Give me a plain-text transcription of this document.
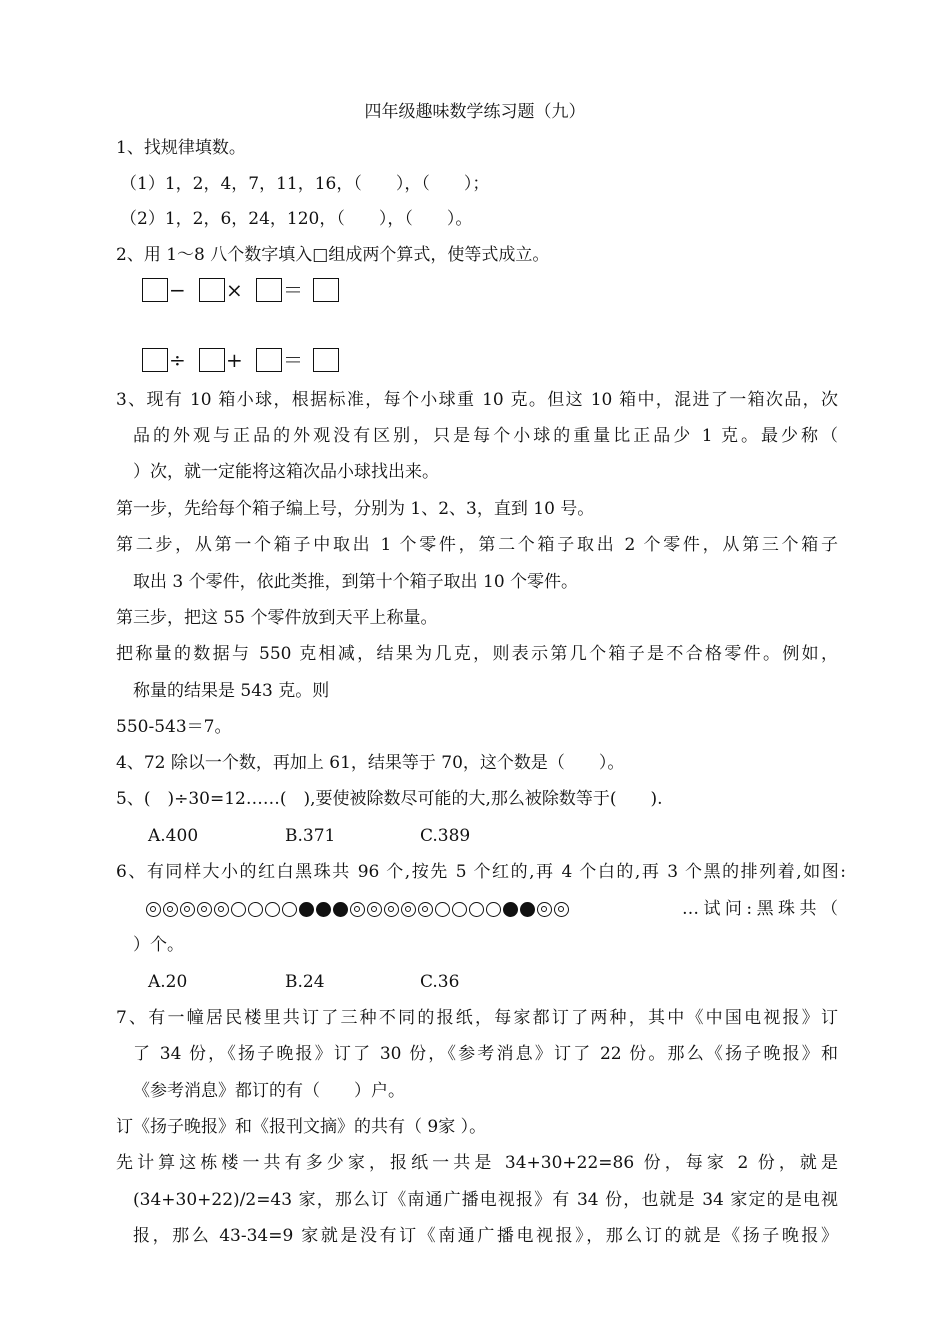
四年级趣味数学练习题（九）
1、找规律填数。
（1）1，2，4，7，11，16，（　　），（　　）；
（2）1，2，6，24，120，（　　），（　　）。
2、用 1～8 八个数字填入□组成两个算式，使等式成立。
−	×	＝
÷	+	＝
3、现有 10 箱小球，根据标准，每个小球重 10 克。但这 10 箱中，混进了一箱次品，次
品的外观与正品的外观没有区别，只是每个小球的重量比正品少 1 克。最少称（
）次，就一定能将这箱次品小球找出来。
第一步，先给每个箱子编上号，分别为 1、2、3，直到 10 号。
第二步，从第一个箱子中取出 1 个零件，第二个箱子取出 2 个零件，从第三个箱子
取出 3 个零件，依此类推，到第十个箱子取出 10 个零件。
第三步，把这 55 个零件放到天平上称量。
把称量的数据与 550 克相减，结果为几克，则表示第几个箱子是不合格零件。例如，
称量的结果是 543 克。则
550-543＝7。
4、72 除以一个数，再加上 61，结果等于 70，这个数是（　　）。
5、(　)÷30=12……(　),要使被除数尽可能的大,那么被除数等于(　　).
A.400	B.371	C.389
6、有同样大小的红白黑珠共 96 个,按先 5 个红的,再 4 个白的,再 3 个黑的排列着,如图:
…试问:黑珠共（
）个。
A.20	B.24	C.36
7、有一幢居民楼里共订了三种不同的报纸，每家都订了两种，其中《中国电视报》订
了 34 份，《扬子晚报》订了 30 份，《参考消息》订了 22 份。那么《扬子晚报》和
《参考消息》都订的有（　　）户。
订《扬子晚报》和《报刊文摘》的共有（ 9家 ）。
先计算这栋楼一共有多少家，报纸一共是 34+30+22=86 份，每家 2 份，就是
(34+30+22)/2=43 家，那么订《南通广播电视报》有 34 份，也就是 34 家定的是电视
报，那么 43-34=9 家就是没有订《南通广播电视报》，那么订的就是《扬子晚报》
